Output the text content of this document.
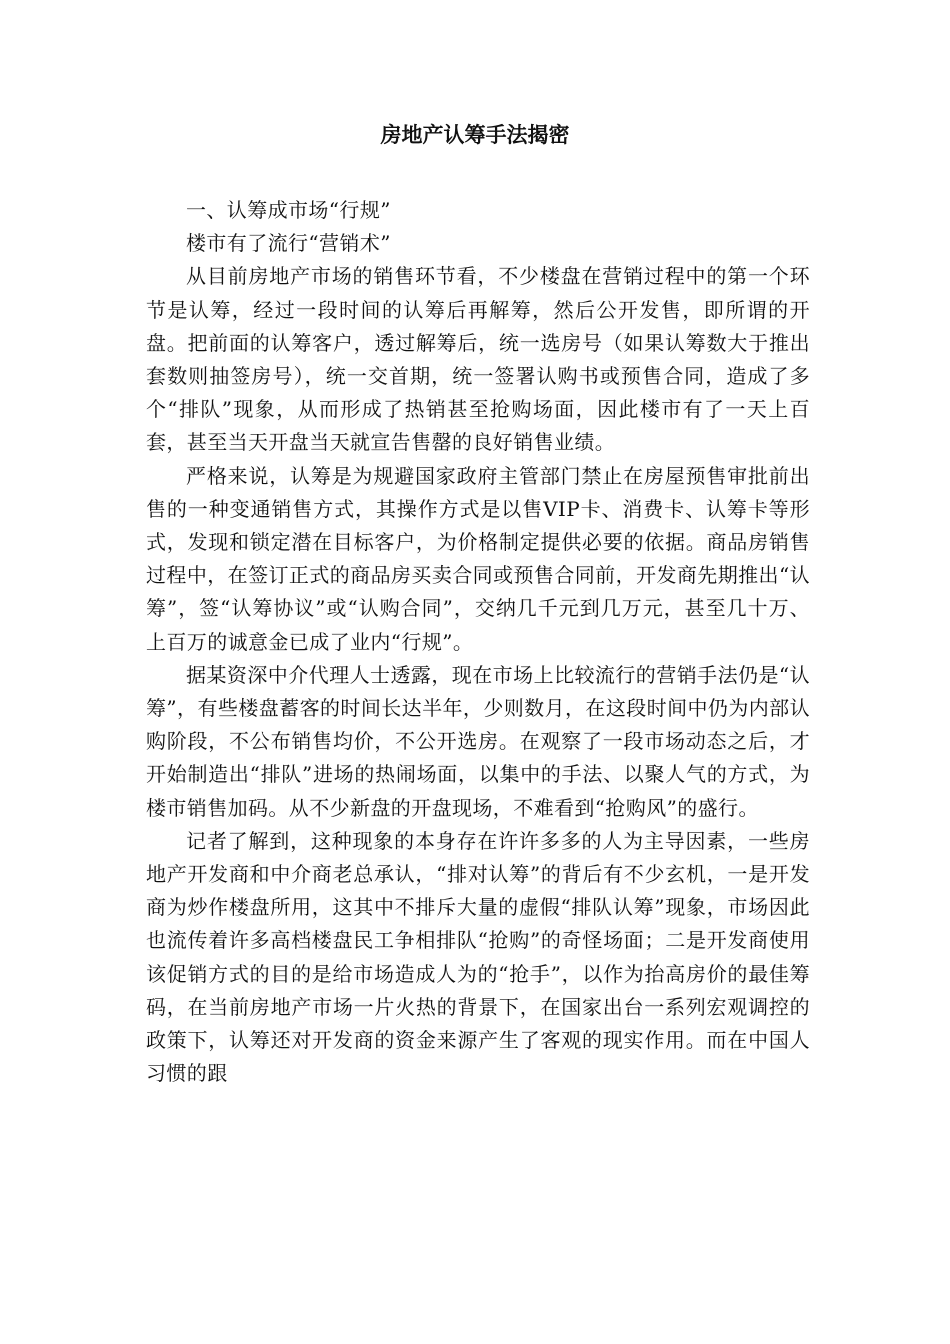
房地产认筹手法揭密

一、认筹成市场“行规”

楼市有了流行“营销术”

从目前房地产市场的销售环节看，不少楼盘在营销过程中的第一个环节是认筹，经过一段时间的认筹后再解筹，然后公开发售，即所谓的开盘。把前面的认筹客户，透过解筹后，统一选房号（如果认筹数大于推出套数则抽签房号），统一交首期，统一签署认购书或预售合同，造成了多个“排队”现象，从而形成了热销甚至抢购场面，因此楼市有了一天上百套，甚至当天开盘当天就宣告售罄的良好销售业绩。

严格来说，认筹是为规避国家政府主管部门禁止在房屋预售审批前出售的一种变通销售方式，其操作方式是以售VIP卡、消费卡、认筹卡等形式，发现和锁定潜在目标客户，为价格制定提供必要的依据。商品房销售过程中，在签订正式的商品房买卖合同或预售合同前，开发商先期推出“认筹”，签“认筹协议”或“认购合同”，交纳几千元到几万元，甚至几十万、上百万的诚意金已成了业内“行规”。

据某资深中介代理人士透露，现在市场上比较流行的营销手法仍是“认筹”，有些楼盘蓄客的时间长达半年，少则数月，在这段时间中仍为内部认购阶段，不公布销售均价，不公开选房。在观察了一段市场动态之后，才开始制造出“排队”进场的热闹场面，以集中的手法、以聚人气的方式，为楼市销售加码。从不少新盘的开盘现场，不难看到“抢购风”的盛行。

记者了解到，这种现象的本身存在许许多多的人为主导因素，一些房地产开发商和中介商老总承认，“排对认筹”的背后有不少玄机，一是开发商为炒作楼盘所用，这其中不排斥大量的虚假“排队认筹”现象，市场因此也流传着许多高档楼盘民工争相排队“抢购”的奇怪场面；二是开发商使用该促销方式的目的是给市场造成人为的“抢手”，以作为抬高房价的最佳筹码，在当前房地产市场一片火热的背景下，在国家出台一系列宏观调控的政策下，认筹还对开发商的资金来源产生了客观的现实作用。而在中国人习惯的跟
